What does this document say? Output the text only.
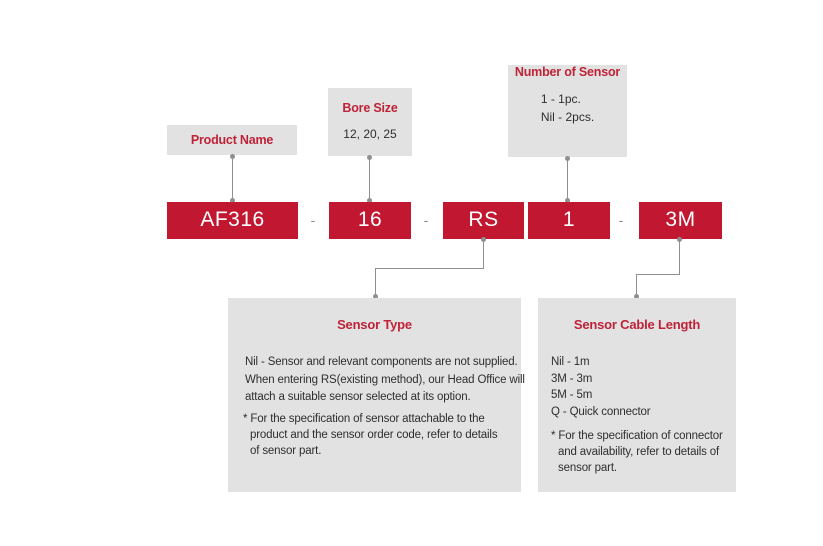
Product Name
Bore Size
12, 20, 25
Number of Sensor
1 - 1pc.
Nil - 2pcs.
AF316	-	16	-	RS	1	-	3M
Sensor Type
Nil - Sensor and relevant components are not supplied.
When entering RS(existing method), our Head Office will
attach a suitable sensor selected at its option.
* For the specification of sensor attachable to the
product and the sensor order code, refer to details
of sensor part.
Sensor Cable Length
Nil - 1m
3M - 3m
5M - 5m
Q - Quick connector
* For the specification of connector
and availability, refer to details of
sensor part.
